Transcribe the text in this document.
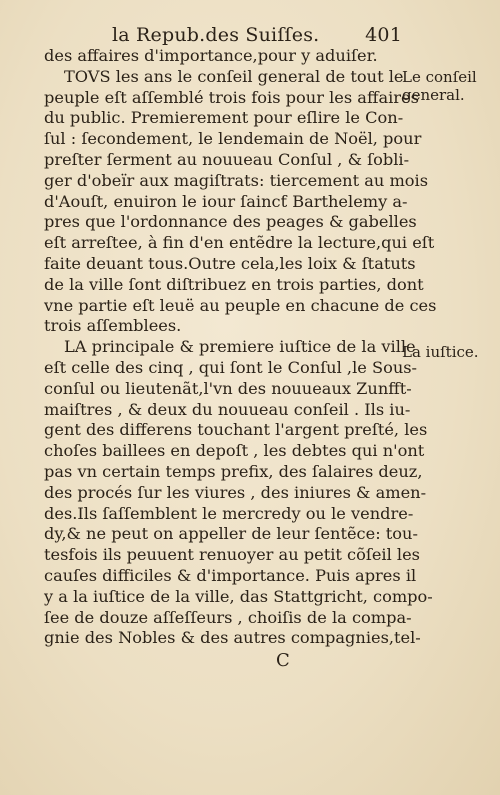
la Repub.des Suiſſes. 401
des affaires d'importance,pour y aduiſer.
TOVS les ans le conſeil general de tout le
peuple eſt aſſemblé trois fois pour les affaires
du public. Premierement pour eſlire le Con-
ſul : ſecondement, le lendemain de Noël, pour
preſter ſerment au nouueau Conſul , & ſobli-
ger d'obeïr aux magiſtrats: tiercement au mois
d'Aouſt, enuiron le iour ſaincƭ Barthelemy a-
pres que l'ordonnance des peages & gabelles
eſt arreſtee, à fin d'en entẽdre la lecture,qui eſt
faite deuant tous.Outre cela,les loix & ſtatuts
de la ville ſont diſtribuez en trois parties, dont
vne partie eſt leuë au peuple en chacune de ces
trois aſſemblees.
LA principale & premiere iuſtice de la ville
eſt celle des cinq , qui ſont le Conſul ,le Sous-
conſul ou lieutenãt,l'vn des nouueaux Zunfft-
maiſtres , & deux du nouueau conſeil . Ils iu-
gent des differens touchant l'argent preſté, les
choſes baillees en depoſt , les debtes qui n'ont
pas vn certain temps prefix, des ſalaires deuz,
des procés ſur les viures , des iniures & amen-
des.Ils ſaſſemblent le mercredy ou le vendre-
dy,& ne peut on appeller de leur ſentẽce: tou-
tesfois ils peuuent renuoyer au petit cõſeil les
cauſes difficiles & d'importance. Puis apres il
y a la iuſtice de la ville, das Stattgricht, compo-
ſee de douze aſſeſſeurs , choiſis de la compa-
gnie des Nobles & des autres compagnies,tel-
Le conſeil general.
La iuſtice.
C
